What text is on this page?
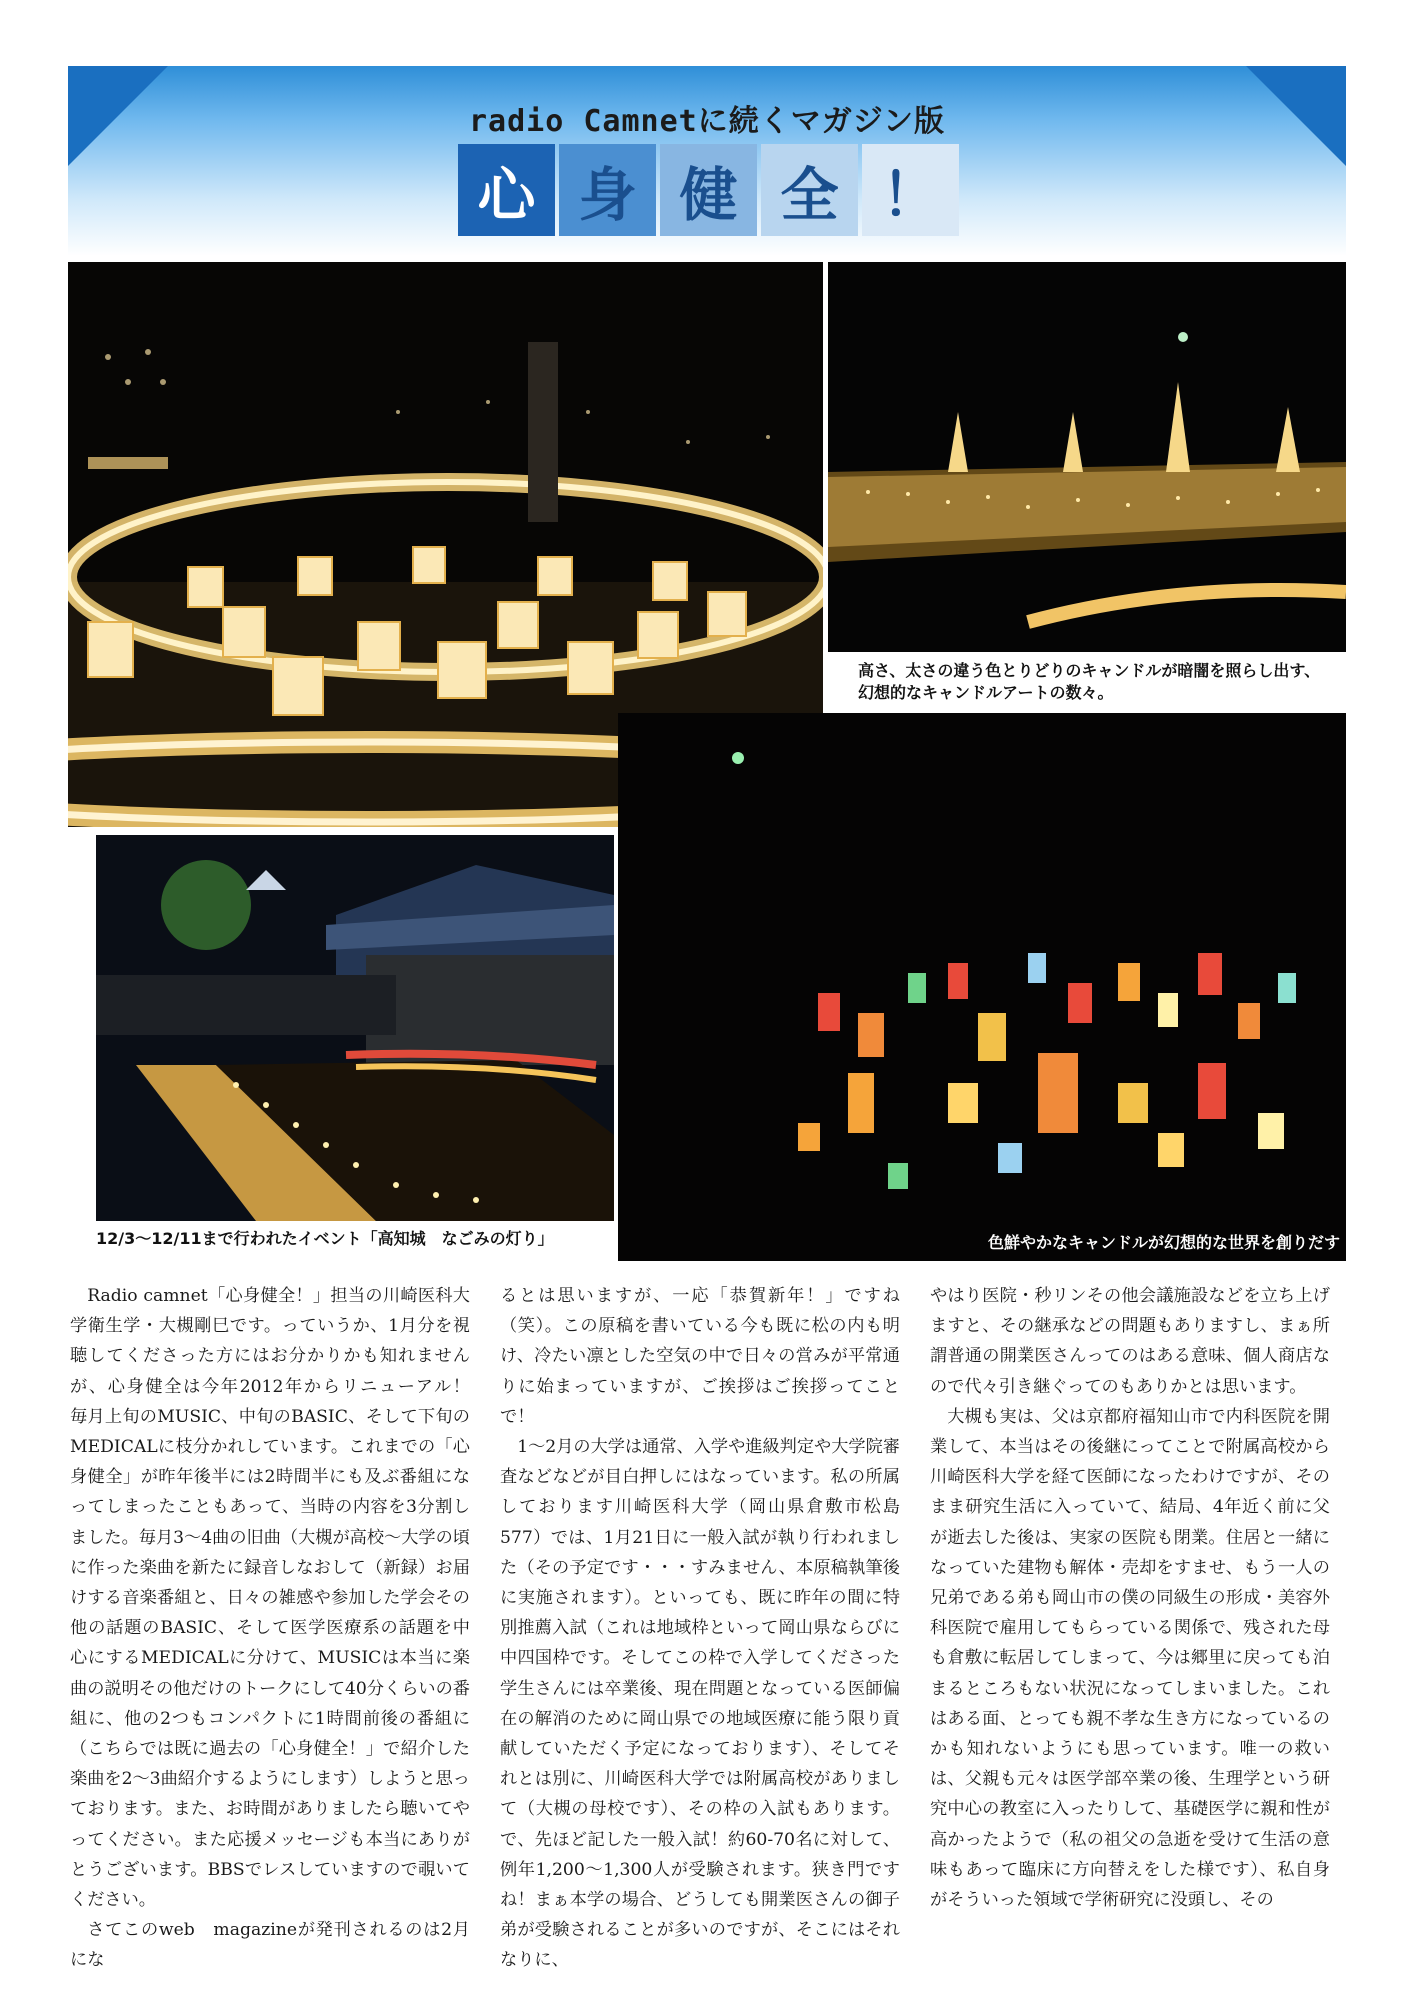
radio Camnetに続くマガジン版
心 身 健 全 ！
高さ、太さの違う色とりどりのキャンドルが暗闇を照らし出す、幻想的なキャンドルアートの数々。
12/3～12/11まで行われたイベント「高知城　なごみの灯り」	色鮮やかなキャンドルが幻想的な世界を創りだす

Radio camnet「心身健全！」担当の川崎医科大学衛生学・大槻剛巳です。っていうか、1月分を視聴してくださった方にはお分かりかも知れませんが、心身健全は今年2012年からリニューアル！　毎月上旬のMUSIC、中旬のBASIC、そして下旬のMEDICALに枝分かれしています。これまでの「心身健全」が昨年後半には2時間半にも及ぶ番組になってしまったこともあって、当時の内容を3分割しました。毎月3～4曲の旧曲（大槻が高校～大学の頃に作った楽曲を新たに録音しなおして（新録）お届けする音楽番組と、日々の雑感や参加した学会その他の話題のBASIC、そして医学医療系の話題を中心にするMEDICALに分けて、MUSICは本当に楽曲の説明その他だけのトークにして40分くらいの番組に、他の2つもコンパクトに1時間前後の番組に（こちらでは既に過去の「心身健全！」で紹介した楽曲を2～3曲紹介するようにします）しようと思っております。また、お時間がありましたら聴いてやってください。また応援メッセージも本当にありがとうございます。BBSでレスしていますので覗いてください。

さてこのweb　magazineが発刊されるのは2月にな

るとは思いますが、一応「恭賀新年！」ですね（笑）。この原稿を書いている今も既に松の内も明け、冷たい凛とした空気の中で日々の営みが平常通りに始まっていますが、ご挨拶はご挨拶ってことで！

1～2月の大学は通常、入学や進級判定や大学院審査などなどが目白押しにはなっています。私の所属しております川崎医科大学（岡山県倉敷市松島577）では、1月21日に一般入試が執り行われました（その予定です・・・すみません、本原稿執筆後に実施されます）。といっても、既に昨年の間に特別推薦入試（これは地域枠といって岡山県ならびに中四国枠です。そしてこの枠で入学してくださった学生さんには卒業後、現在問題となっている医師偏在の解消のために岡山県での地域医療に能う限り貢献していただく予定になっております）、そしてそれとは別に、川崎医科大学では附属高校がありまして（大槻の母校です）、その枠の入試もあります。で、先ほど記した一般入試！約60-70名に対して、例年1,200～1,300人が受験されます。狭き門ですね！まぁ本学の場合、どうしても開業医さんの御子弟が受験されることが多いのですが、そこにはそれなりに、

やはり医院・秒リンその他会議施設などを立ち上げますと、その継承などの問題もありますし、まぁ所謂普通の開業医さんってのはある意味、個人商店なので代々引き継ぐってのもありかとは思います。

大槻も実は、父は京都府福知山市で内科医院を開業して、本当はその後継にってことで附属高校から川崎医科大学を経て医師になったわけですが、そのまま研究生活に入っていて、結局、4年近く前に父が逝去した後は、実家の医院も閉業。住居と一緒になっていた建物も解体・売却をすませ、もう一人の兄弟である弟も岡山市の僕の同級生の形成・美容外科医院で雇用してもらっている関係で、残された母も倉敷に転居してしまって、今は郷里に戻っても泊まるところもない状況になってしまいました。これはある面、とっても親不孝な生き方になっているのかも知れないようにも思っています。唯一の救いは、父親も元々は医学部卒業の後、生理学という研究中心の教室に入ったりして、基礎医学に親和性が高かったようで（私の祖父の急逝を受けて生活の意味もあって臨床に方向替えをした様です）、私自身がそういった領域で学術研究に没頭し、その
